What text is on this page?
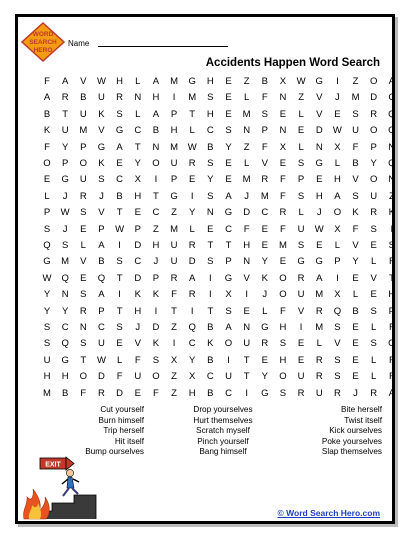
WORD
SEARCH
HERO
Name
Accidents Happen Word Search
F	A	V	W	H	L	A	M	G	H	E	Z	B	X	W	G	I	Z	O	A
A	R	B	U	R	N	H	I	M	S	E	L	F	N	Z	V	J	M	D	C
B	T	U	K	S	L	A	P	T	H	E	M	S	E	L	V	E	S	R	Q
K	U	M	V	G	C	B	H	L	C	S	N	P	N	E	D	W	U	O	G
F	Y	P	G	A	T	N	M	W	B	Y	Z	F	X	L	N	X	F	P	N
O	P	O	K	E	Y	O	U	R	S	E	L	V	E	S	G	L	B	Y	Q
E	G	U	S	C	X	I	P	E	Y	E	M	R	F	P	E	H	V	O	N
L	J	R	J	B	H	T	G	I	S	A	J	M	F	S	H	A	S	U	Z
P	W	S	V	T	E	C	Z	Y	N	G	D	C	R	L	J	O	K	R	K
S	J	E	P	W	P	Z	M	L	E	C	F	E	F	U	W	X	F	S	I
Q	S	L	A	I	D	H	U	R	T	T	H	E	M	S	E	L	V	E	S
G	M	V	B	S	C	J	U	D	S	P	N	Y	E	G	G	P	Y	L	F
W	Q	E	Q	T	D	P	R	A	I	G	V	K	O	R	A	I	E	V	T
Y	N	S	A	I	K	K	F	R	I	X	I	J	O	U	M	X	L	E	H
Y	Y	R	P	T	H	I	T	I	T	S	E	L	F	V	R	Q	B	S	P
S	C	N	C	S	J	D	Z	Q	B	A	N	G	H	I	M	S	E	L	F
S	Q	S	U	E	V	K	I	C	K	O	U	R	S	E	L	V	E	S	O
U	G	T	W	L	F	S	X	Y	B	I	T	E	H	E	R	S	E	L	F
H	H	O	D	F	U	O	Z	X	C	U	T	Y	O	U	R	S	E	L	F
M	B	F	R	D	E	F	Z	H	B	C	I	G	S	R	U	R	J	R	A
Cut yourself
Burn himself
Trip herself
Hit itself
Bump ourselves
Drop yourselves
Hurt themselves
Scratch myself
Pinch yourself
Bang himself
Bite herself
Twist itself
Kick ourselves
Poke yourselves
Slap themselves
EXIT
© Word Search Hero.com
